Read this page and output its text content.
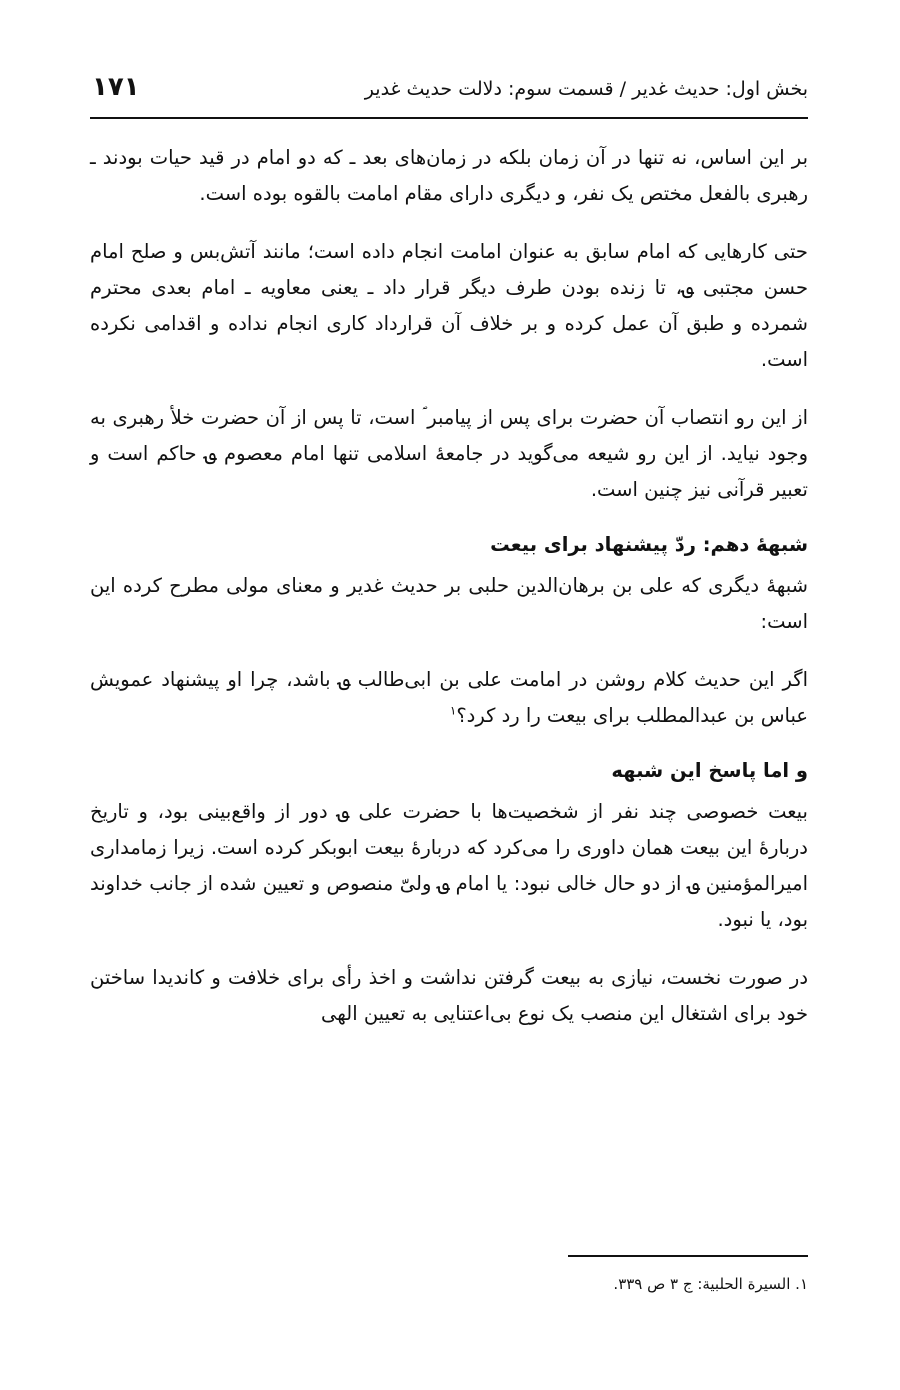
بخش اول: حدیث غدیر / قسمت سوم: دلالت حدیث غدیر
۱۷۱

بر این اساس، نه تنها در آن زمان بلکه در زمان‌های بعد ـ که دو امام در قید حیات بودند ـ رهبری بالفعل مختص یک نفر، و دیگری دارای مقام امامت بالقوه بوده است.

حتی کارهایی که امام سابق به عنوان امامت انجام داده است؛ مانند آتش‌بس و صلح امام حسن مجتبی ؈، تا زنده بودن طرف دیگر قرار داد ـ یعنی معاویه ـ امام بعدی محترم شمرده و طبق آن عمل کرده و بر خلاف آن قرارداد کاری انجام نداده و اقدامی نکرده است.

از این رو انتصاب آن حضرت برای پس از پیامبر ؐ است، تا پس از آن حضرت خلأ رهبری به وجود نیاید. از این رو شیعه می‌گوید در جامعهٔ اسلامی تنها امام معصوم ؈ حاکم است و تعبیر قرآنی نیز چنین است.

شبههٔ دهم: ردّ پیشنهاد برای بیعت

شبههٔ دیگری که علی بن برهان‌الدین حلبی بر حدیث غدیر و معنای مولی مطرح کرده این است:

اگر این حدیث کلام روشن در امامت علی بن ابی‌طالب ؈ باشد، چرا او پیشنهاد عمویش عباس بن عبدالمطلب برای بیعت را رد کرد؟$^۱$

و اما پاسخ این شبهه

بیعت خصوصی چند نفر از شخصیت‌ها با حضرت علی ؈ دور از واقع‌بینی بود، و تاریخ دربارهٔ این بیعت همان داوری را می‌کرد که دربارهٔ بیعت ابوبکر کرده است. زیرا زمامداری امیرالمؤمنین ؈ از دو حال خالی نبود: یا امام ؈ ولیّ منصوص و تعیین شده از جانب خداوند بود، یا نبود.

در صورت نخست، نیازی به بیعت گرفتن نداشت و اخذ رأی برای خلافت و کاندیدا ساختن خود برای اشتغال این منصب یک نوع بی‌اعتنایی به تعیین الهی

۱. السیرة الحلبیة: ج ۳ ص ۳۳۹.
